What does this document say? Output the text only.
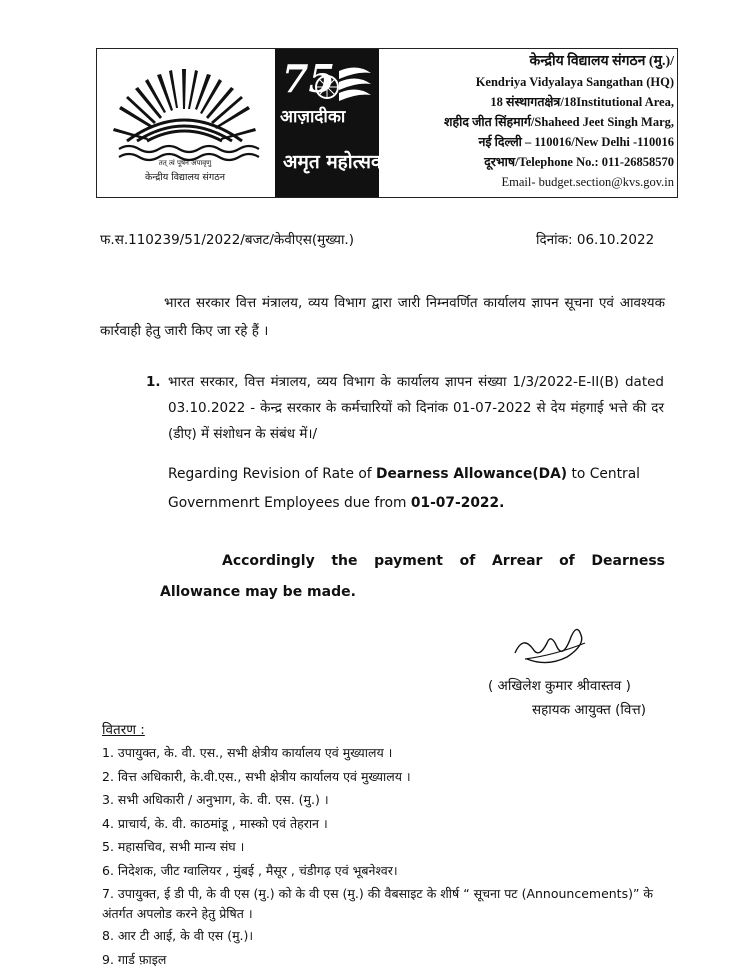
तत् त्वं पूषन अपावृणु
केन्द्रीय विद्यालय संगठन
75
आज़ादीका
अमृत महोत्सव
केन्द्रीय विद्यालय संगठन (मु.)/
Kendriya Vidyalaya Sangathan (HQ)
18 संस्थागतक्षेत्र/18Institutional Area,
शहीद जीत सिंहमार्ग/Shaheed Jeet Singh Marg,
नई दिल्ली – 110016/New Delhi -110016
दूरभाष/Telephone No.: 011-26858570
Email- budget.section@kvs.gov.in
फ.स.110239/51/2022/बजट/केवीएस(मुख्या.)	दिनांक: 06.10.2022
भारत सरकार वित्त मंत्रालय, व्यय विभाग द्वारा जारी निम्नवर्णित कार्यालय ज्ञापन सूचना एवं आवश्यक कार्रवाही हेतु जारी किए जा रहे हैं ।
1. भारत सरकार, वित्त मंत्रालय, व्यय विभाग के कार्यालय ज्ञापन संख्या 1/3/2022-E-II(B) dated 03.10.2022 - केन्द्र सरकार के कर्मचारियों को दिनांक 01-07-2022 से देय मंहगाई भत्ते की दर (डीए) में संशोधन के संबंध में।/
Regarding Revision of Rate of Dearness Allowance(DA) to Central Governmenrt Employees due from 01-07-2022.
Accordingly the payment of Arrear of Dearness Allowance may be made.
( अखिलेश कुमार श्रीवास्तव )
सहायक आयुक्त (वित्त)
वितरण :
1. उपायुक्त, के. वी. एस., सभी क्षेत्रीय कार्यालय एवं मुख्यालय ।
2. वित्त अधिकारी, के.वी.एस., सभी क्षेत्रीय कार्यालय एवं मुख्यालय ।
3. सभी अधिकारी / अनुभाग, के. वी. एस. (मु.) ।
4. प्राचार्य, के. वी. काठमांडू , मास्को एवं तेहरान ।
5. महासचिव, सभी मान्य संघ ।
6. निदेशक, जीट ग्वालियर , मुंबई , मैसूर , चंडीगढ़ एवं भूबनेश्वर।
7. उपायुक्त, ई डी पी, के वी एस (मु.) को के वी एस (मु.) की वैबसाइट के शीर्ष “ सूचना पट (Announcements)” के अंतर्गत अपलोड करने हेतु प्रेषित ।
8. आर टी आई, के वी एस (मु.)।
9. गार्ड फ़ाइल
